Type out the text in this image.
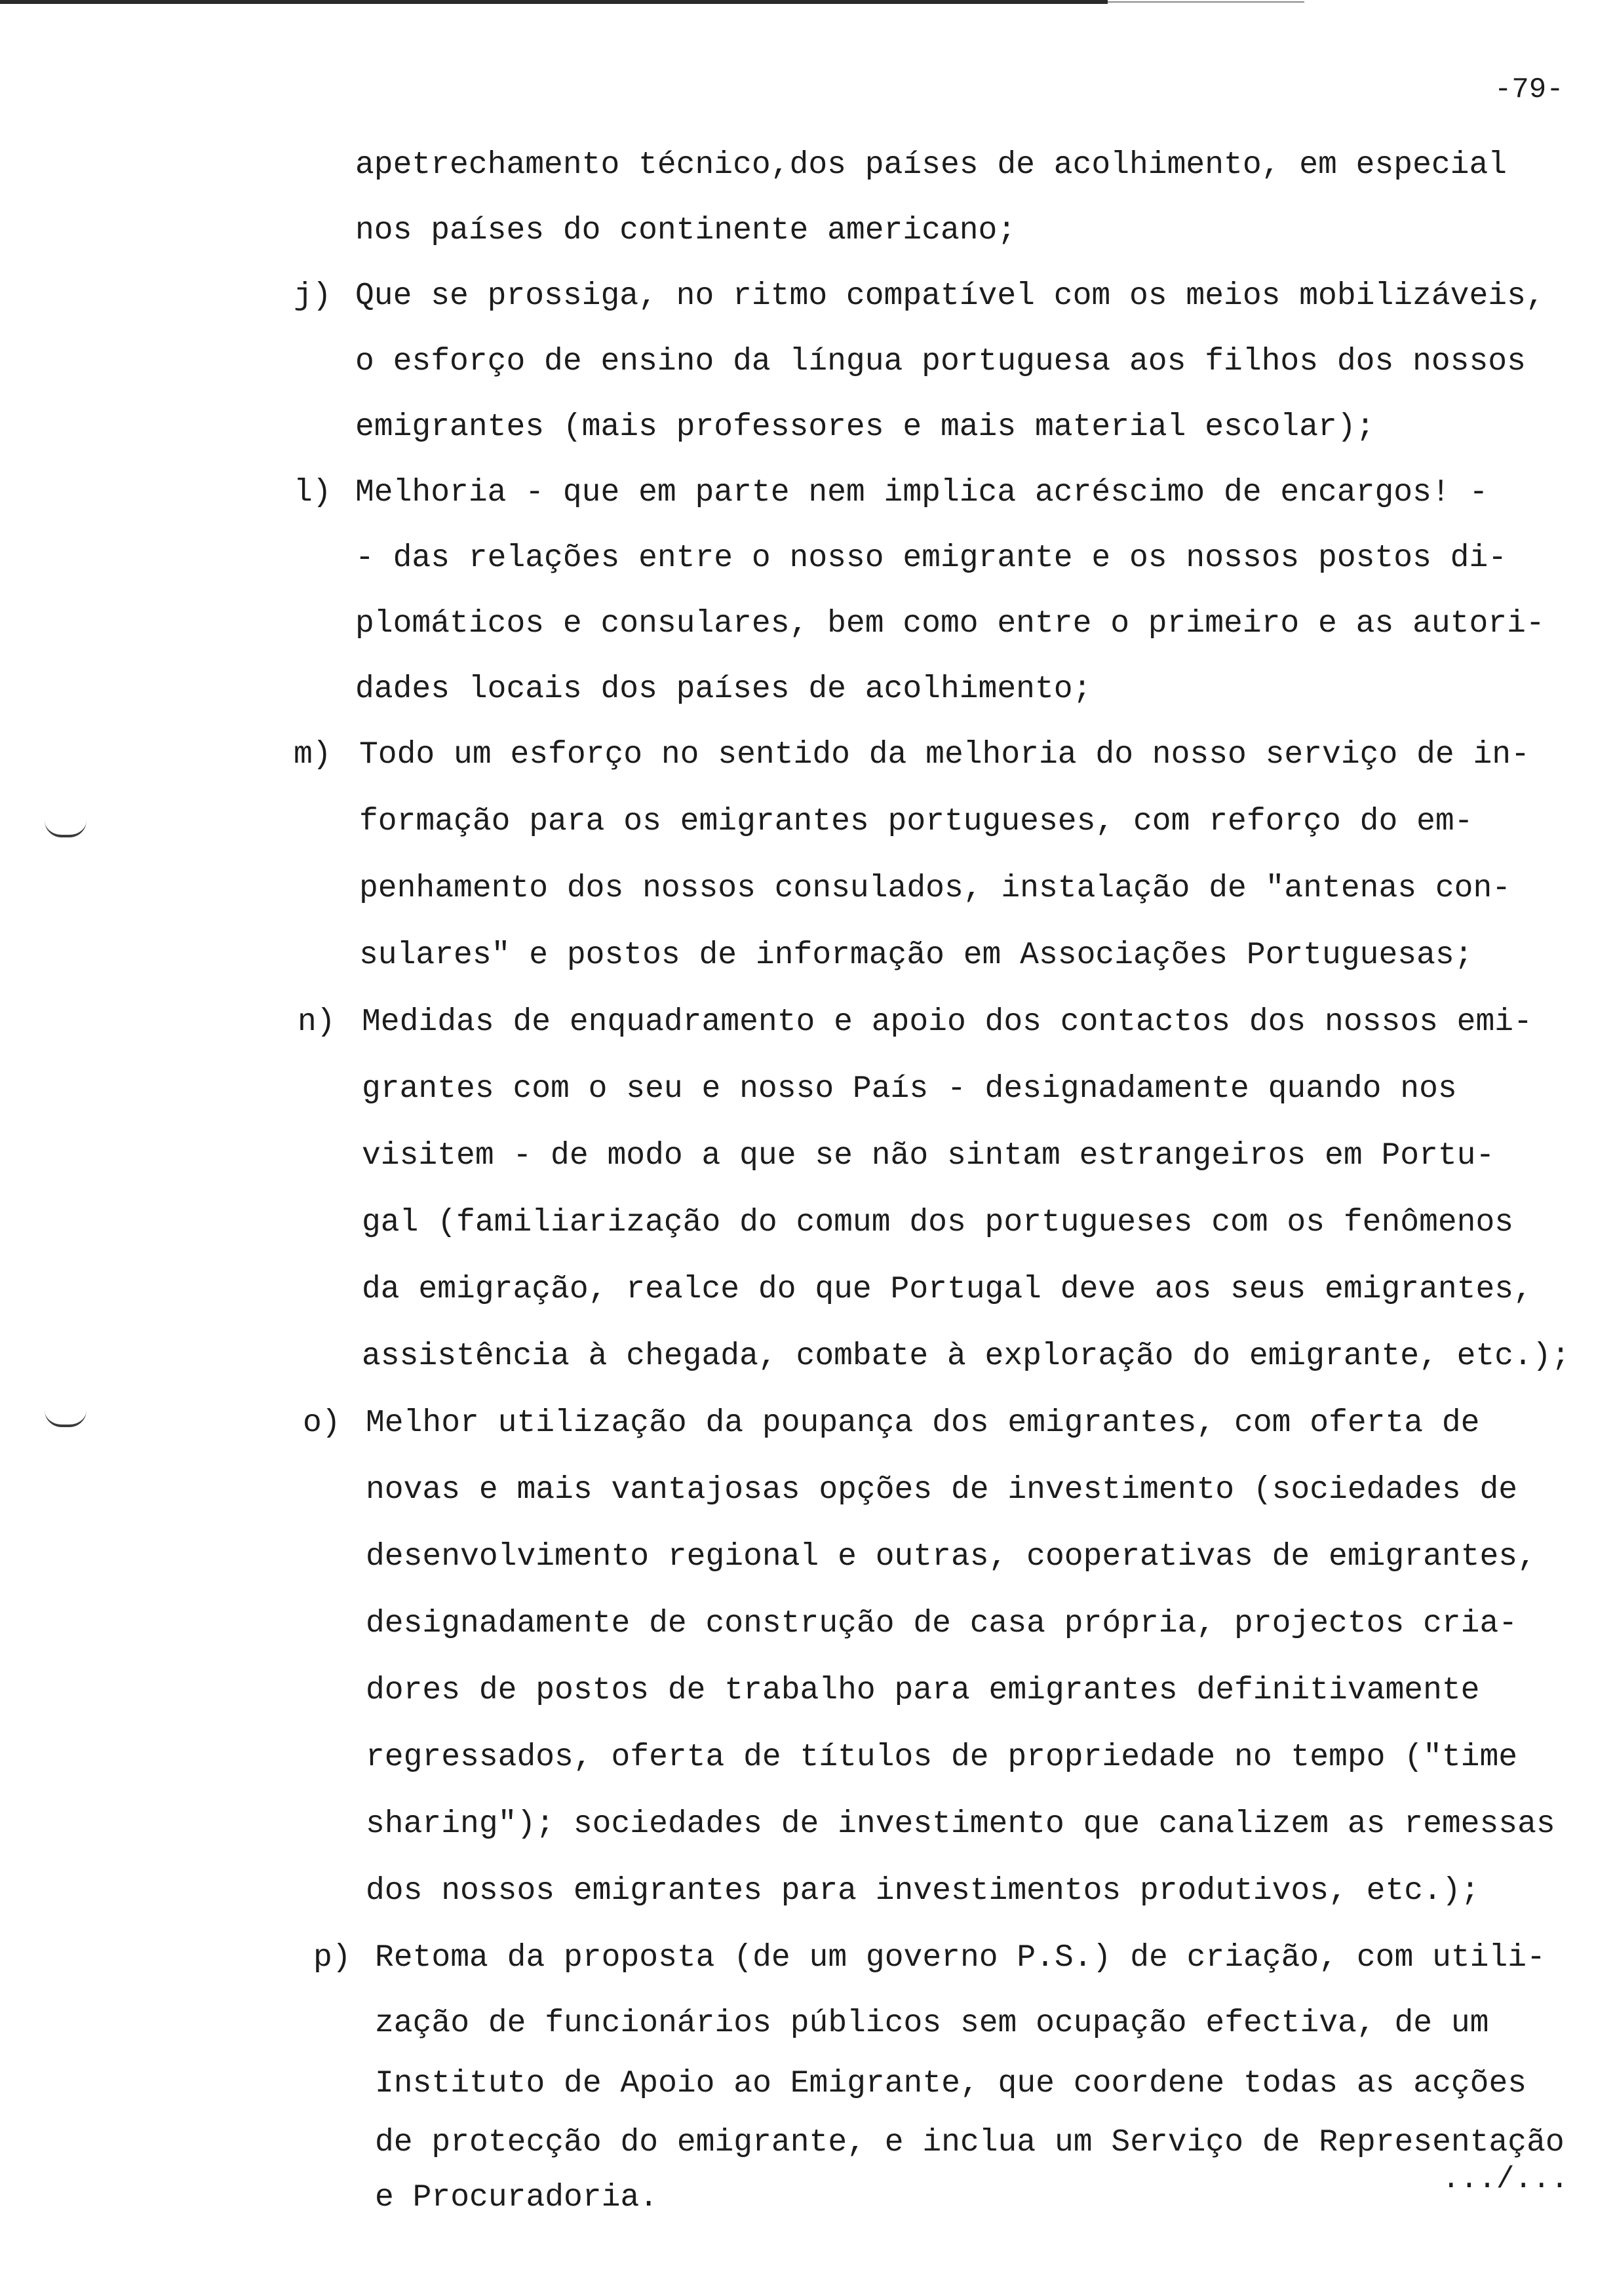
-79-
apetrechamento técnico,dos países de acolhimento, em especial
nos países do continente americano;
j) Que se prossiga, no ritmo compatível com os meios mobilizáveis,
o esforço de ensino da língua portuguesa aos filhos dos nossos
emigrantes (mais professores e mais material escolar);
l) Melhoria - que em parte nem implica acréscimo de encargos! -
- das relações entre o nosso emigrante e os nossos postos di-
plomáticos e consulares, bem como entre o primeiro e as autori-
dades locais dos países de acolhimento;
m) Todo um esforço no sentido da melhoria do nosso serviço de in-
formação para os emigrantes portugueses, com reforço do em-
penhamento dos nossos consulados, instalação de "antenas con-
sulares" e postos de informação em Associações Portuguesas;
n) Medidas de enquadramento e apoio dos contactos dos nossos emi-
grantes com o seu e nosso País - designadamente quando nos
visitem - de modo a que se não sintam estrangeiros em Portu-
gal (familiarização do comum dos portugueses com os fenômenos
da emigração, realce do que Portugal deve aos seus emigrantes,
assistência à chegada, combate à exploração do emigrante, etc.);
o) Melhor utilização da poupança dos emigrantes, com oferta de
novas e mais vantajosas opções de investimento (sociedades de
desenvolvimento regional e outras, cooperativas de emigrantes,
designadamente de construção de casa própria, projectos cria-
dores de postos de trabalho para emigrantes definitivamente
regressados, oferta de títulos de propriedade no tempo ("time
sharing"); sociedades de investimento que canalizem as remessas
dos nossos emigrantes para investimentos produtivos, etc.);
p) Retoma da proposta (de um governo P.S.) de criação, com utili-
zação de funcionários públicos sem ocupação efectiva, de um
Instituto de Apoio ao Emigrante, que coordene todas as acções
de protecção do emigrante, e inclua um Serviço de Representação
e Procuradoria.
.../...
